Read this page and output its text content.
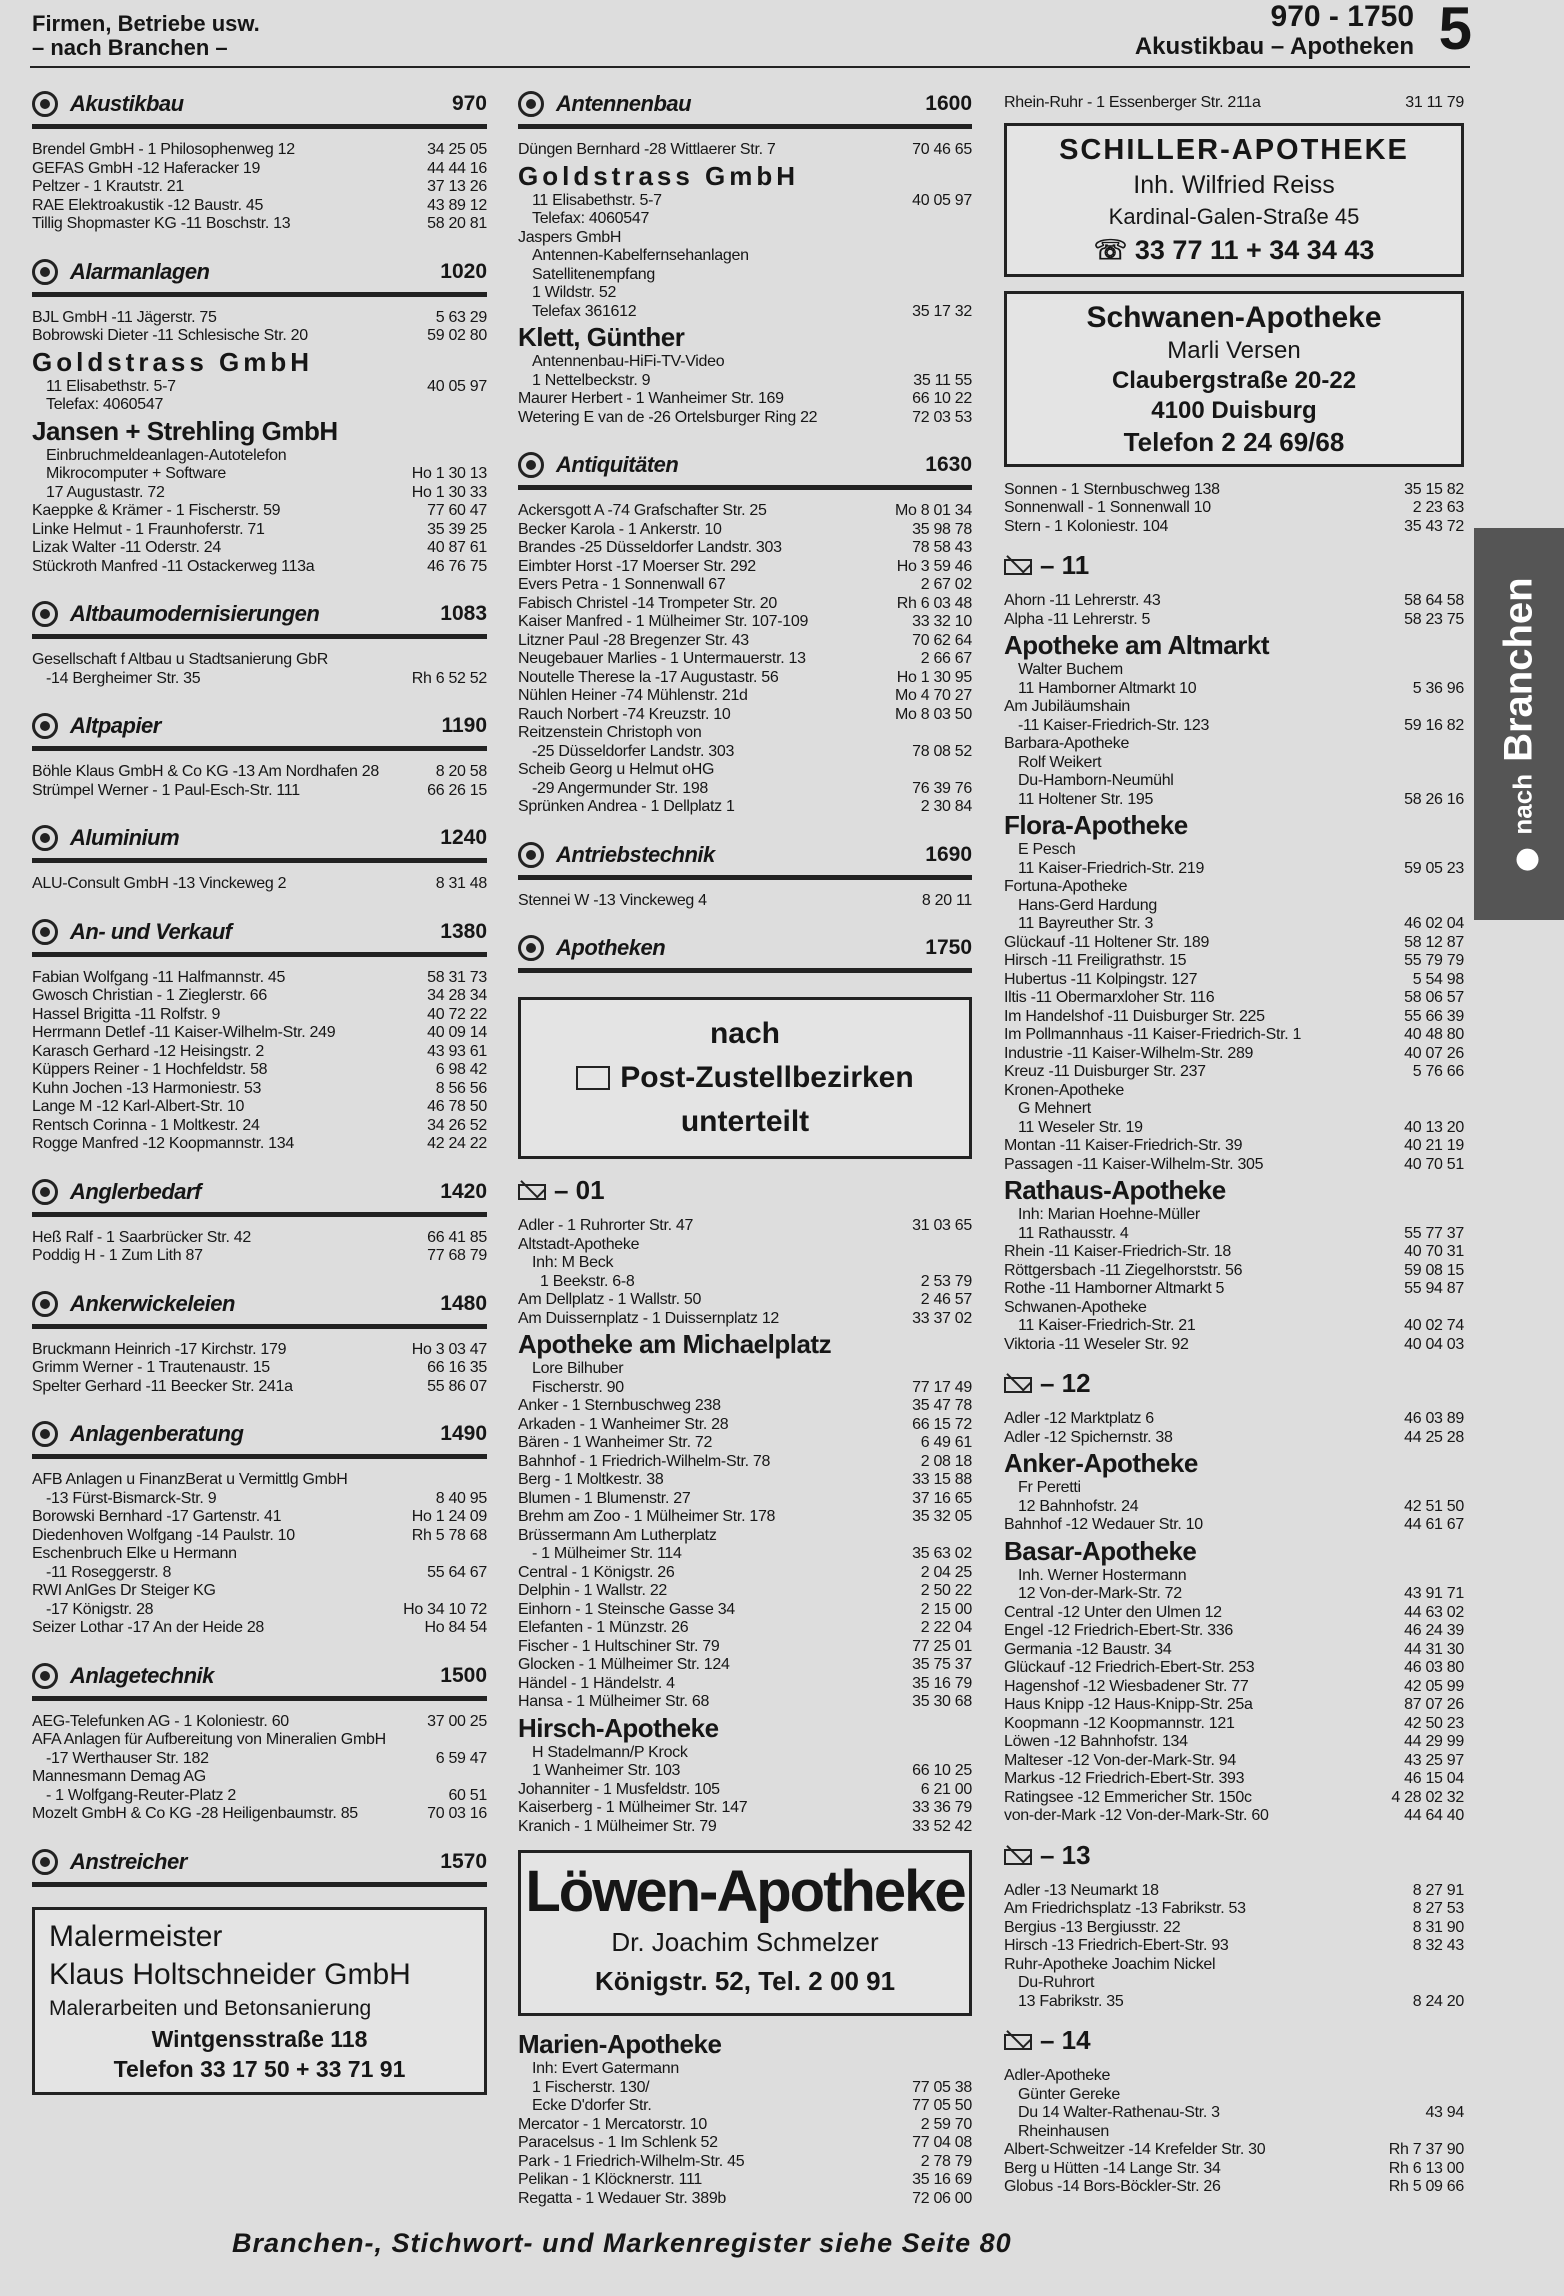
Firmen, Betriebe usw.
– nach Branchen –
970 - 1750
Akustikbau – Apotheken 5
Akustikbau	970
Brendel GmbH - 1 Philosophenweg 12	34 25 05
GEFAS GmbH -12 Haferacker 19	44 44 16
Peltzer - 1 Krautstr. 21	37 13 26
RAE Elektroakustik -12 Baustr. 45	43 89 12
Tillig Shopmaster KG -11 Boschstr. 13	58 20 81
Alarmanlagen	1020
BJL GmbH -11 Jägerstr. 75	5 63 29
Bobrowski Dieter -11 Schlesische Str. 20	59 02 80
Goldstrass GmbH
11 Elisabethstr. 5-7	40 05 97
Telefax: 4060547
Jansen + Strehling GmbH
Einbruchmeldeanlagen-Autotelefon
Mikrocomputer + Software	Ho 1 30 13
17 Augustastr. 72	Ho 1 30 33
Kaeppke & Krämer - 1 Fischerstr. 59	77 60 47
Linke Helmut - 1 Fraunhoferstr. 71	35 39 25
Lizak Walter -11 Oderstr. 24	40 87 61
Stückroth Manfred -11 Ostackerweg 113a	46 76 75
Altbaumodernisierungen	1083
Gesellschaft f Altbau u Stadtsanierung GbR
-14 Bergheimer Str. 35	Rh 6 52 52
Altpapier	1190
Böhle Klaus GmbH & Co KG -13 Am Nordhafen 28	8 20 58
Strümpel Werner - 1 Paul-Esch-Str. 111	66 26 15
Aluminium	1240
ALU-Consult GmbH -13 Vinckeweg 2	8 31 48
An- und Verkauf	1380
Fabian Wolfgang -11 Halfmannstr. 45	58 31 73
Gwosch Christian - 1 Zieglerstr. 66	34 28 34
Hassel Brigitta -11 Rolfstr. 9	40 72 22
Herrmann Detlef -11 Kaiser-Wilhelm-Str. 249	40 09 14
Karasch Gerhard -12 Heisingstr. 2	43 93 61
Küppers Reiner - 1 Hochfeldstr. 58	6 98 42
Kuhn Jochen -13 Harmoniestr. 53	8 56 56
Lange M -12 Karl-Albert-Str. 10	46 78 50
Rentsch Corinna - 1 Moltkestr. 24	34 26 52
Rogge Manfred -12 Koopmannstr. 134	42 24 22
Anglerbedarf	1420
Heß Ralf - 1 Saarbrücker Str. 42	66 41 85
Poddig H - 1 Zum Lith 87	77 68 79
Ankerwickeleien	1480
Bruckmann Heinrich -17 Kirchstr. 179	Ho 3 03 47
Grimm Werner - 1 Trautenaustr. 15	66 16 35
Spelter Gerhard -11 Beecker Str. 241a	55 86 07
Anlagenberatung	1490
AFB Anlagen u FinanzBerat u Vermittlg GmbH
-13 Fürst-Bismarck-Str. 9	8 40 95
Borowski Bernhard -17 Gartenstr. 41	Ho 1 24 09
Diedenhoven Wolfgang -14 Paulstr. 10	Rh 5 78 68
Eschenbruch Elke u Hermann
-11 Roseggerstr. 8	55 64 67
RWI AnlGes Dr Steiger KG
-17 Königstr. 28	Ho 34 10 72
Seizer Lothar -17 An der Heide 28	Ho 84 54
Anlagetechnik	1500
AEG-Telefunken AG - 1 Koloniestr. 60	37 00 25
AFA Anlagen für Aufbereitung von Mineralien GmbH
-17 Werthauser Str. 182	6 59 47
Mannesmann Demag AG
- 1 Wolfgang-Reuter-Platz 2	60 51
Mozelt GmbH & Co KG -28 Heiligenbaumstr. 85	70 03 16
Anstreicher	1570
Malermeister
Klaus Holtschneider GmbH
Malerarbeiten und Betonsanierung
Wintgensstraße 118
Telefon 33 17 50 + 33 71 91
Antennenbau	1600
Düngen Bernhard -28 Wittlaerer Str. 7	70 46 65
Goldstrass GmbH
11 Elisabethstr. 5-7	40 05 97
Telefax: 4060547
Jaspers GmbH
Antennen-Kabelfernsehanlagen
Satellitenempfang
1 Wildstr. 52
Telefax 361612	35 17 32
Klett, Günther
Antennenbau-HiFi-TV-Video
1 Nettelbeckstr. 9	35 11 55
Maurer Herbert - 1 Wanheimer Str. 169	66 10 22
Wetering E van de -26 Ortelsburger Ring 22	72 03 53
Antiquitäten	1630
Ackersgott A -74 Grafschafter Str. 25	Mo 8 01 34
Becker Karola - 1 Ankerstr. 10	35 98 78
Brandes -25 Düsseldorfer Landstr. 303	78 58 43
Eimbter Horst -17 Moerser Str. 292	Ho 3 59 46
Evers Petra - 1 Sonnenwall 67	2 67 02
Fabisch Christel -14 Trompeter Str. 20	Rh 6 03 48
Kaiser Manfred - 1 Mülheimer Str. 107-109	33 32 10
Litzner Paul -28 Bregenzer Str. 43	70 62 64
Neugebauer Marlies - 1 Untermauerstr. 13	2 66 67
Noutelle Therese la -17 Augustastr. 56	Ho 1 30 95
Nühlen Heiner -74 Mühlenstr. 21d	Mo 4 70 27
Rauch Norbert -74 Kreuzstr. 10	Mo 8 03 50
Reitzenstein Christoph von
-25 Düsseldorfer Landstr. 303	78 08 52
Scheib Georg u Helmut oHG
-29 Angermunder Str. 198	76 39 76
Sprünken Andrea - 1 Dellplatz 1	2 30 84
Antriebstechnik	1690
Stennei W -13 Vinckeweg 4	8 20 11
Apotheken	1750
nach
Post-Zustellbezirken
unterteilt
– 01
Adler - 1 Ruhrorter Str. 47	31 03 65
Altstadt-Apotheke
Inh: M Beck
1 Beekstr. 6-8	2 53 79
Am Dellplatz - 1 Wallstr. 50	2 46 57
Am Duissernplatz - 1 Duissernplatz 12	33 37 02
Apotheke am Michaelplatz
Lore Bilhuber
Fischerstr. 90	77 17 49
Anker - 1 Sternbuschweg 238	35 47 78
Arkaden - 1 Wanheimer Str. 28	66 15 72
Bären - 1 Wanheimer Str. 72	6 49 61
Bahnhof - 1 Friedrich-Wilhelm-Str. 78	2 08 18
Berg - 1 Moltkestr. 38	33 15 88
Blumen - 1 Blumenstr. 27	37 16 65
Brehm am Zoo - 1 Mülheimer Str. 178	35 32 05
Brüssermann Am Lutherplatz
- 1 Mülheimer Str. 114	35 63 02
Central - 1 Königstr. 26	2 04 25
Delphin - 1 Wallstr. 22	2 50 22
Einhorn - 1 Steinsche Gasse 34	2 15 00
Elefanten - 1 Münzstr. 26	2 22 04
Fischer - 1 Hultschiner Str. 79	77 25 01
Glocken - 1 Mülheimer Str. 124	35 75 37
Händel - 1 Händelstr. 4	35 16 79
Hansa - 1 Mülheimer Str. 68	35 30 68
Hirsch-Apotheke
H Stadelmann/P Krock
1 Wanheimer Str. 103	66 10 25
Johanniter - 1 Musfeldstr. 105	6 21 00
Kaiserberg - 1 Mülheimer Str. 147	33 36 79
Kranich - 1 Mülheimer Str. 79	33 52 42
Löwen-Apotheke
Dr. Joachim Schmelzer
Königstr. 52, Tel. 2 00 91
Marien-Apotheke
Inh: Evert Gatermann
1 Fischerstr. 130/	77 05 38
Ecke D'dorfer Str.	77 05 50
Mercator - 1 Mercatorstr. 10	2 59 70
Paracelsus - 1 Im Schlenk 52	77 04 08
Park - 1 Friedrich-Wilhelm-Str. 45	2 78 79
Pelikan - 1 Klöcknerstr. 111	35 16 69
Regatta - 1 Wedauer Str. 389b	72 06 00
Rhein-Ruhr - 1 Essenberger Str. 211a	31 11 79
SCHILLER-APOTHEKE
Inh. Wilfried Reiss
Kardinal-Galen-Straße 45
☏ 33 77 11 + 34 34 43
Schwanen-Apotheke
Marli Versen
Claubergstraße 20-22
4100 Duisburg
Telefon 2 24 69/68
Sonnen - 1 Sternbuschweg 138	35 15 82
Sonnenwall - 1 Sonnenwall 10	2 23 63
Stern - 1 Koloniestr. 104	35 43 72
– 11
Ahorn -11 Lehrerstr. 43	58 64 58
Alpha -11 Lehrerstr. 5	58 23 75
Apotheke am Altmarkt
Walter Buchem
11 Hamborner Altmarkt 10	5 36 96
Am Jubiläumshain
-11 Kaiser-Friedrich-Str. 123	59 16 82
Barbara-Apotheke
Rolf Weikert
Du-Hamborn-Neumühl
11 Holtener Str. 195	58 26 16
Flora-Apotheke
E Pesch
11 Kaiser-Friedrich-Str. 219	59 05 23
Fortuna-Apotheke
Hans-Gerd Hardung
11 Bayreuther Str. 3	46 02 04
Glückauf -11 Holtener Str. 189	58 12 87
Hirsch -11 Freiligrathstr. 15	55 79 79
Hubertus -11 Kolpingstr. 127	5 54 98
Iltis -11 Obermarxloher Str. 116	58 06 57
Im Handelshof -11 Duisburger Str. 225	55 66 39
Im Pollmannhaus -11 Kaiser-Friedrich-Str. 1	40 48 80
Industrie -11 Kaiser-Wilhelm-Str. 289	40 07 26
Kreuz -11 Duisburger Str. 237	5 76 66
Kronen-Apotheke
G Mehnert
11 Weseler Str. 19	40 13 20
Montan -11 Kaiser-Friedrich-Str. 39	40 21 19
Passagen -11 Kaiser-Wilhelm-Str. 305	40 70 51
Rathaus-Apotheke
Inh: Marian Hoehne-Müller
11 Rathausstr. 4	55 77 37
Rhein -11 Kaiser-Friedrich-Str. 18	40 70 31
Röttgersbach -11 Ziegelhorststr. 56	59 08 15
Rothe -11 Hamborner Altmarkt 5	55 94 87
Schwanen-Apotheke
11 Kaiser-Friedrich-Str. 21	40 02 74
Viktoria -11 Weseler Str. 92	40 04 03
– 12
Adler -12 Marktplatz 6	46 03 89
Adler -12 Spichernstr. 38	44 25 28
Anker-Apotheke
Fr Peretti
12 Bahnhofstr. 24	42 51 50
Bahnhof -12 Wedauer Str. 10	44 61 67
Basar-Apotheke
Inh. Werner Hostermann
12 Von-der-Mark-Str. 72	43 91 71
Central -12 Unter den Ulmen 12	44 63 02
Engel -12 Friedrich-Ebert-Str. 336	46 24 39
Germania -12 Baustr. 34	44 31 30
Glückauf -12 Friedrich-Ebert-Str. 253	46 03 80
Hagenshof -12 Wiesbadener Str. 77	42 05 99
Haus Knipp -12 Haus-Knipp-Str. 25a	87 07 26
Koopmann -12 Koopmannstr. 121	42 50 23
Löwen -12 Bahnhofstr. 134	44 29 99
Malteser -12 Von-der-Mark-Str. 94	43 25 97
Markus -12 Friedrich-Ebert-Str. 393	46 15 04
Ratingsee -12 Emmericher Str. 150c	4 28 02 32
von-der-Mark -12 Von-der-Mark-Str. 60	44 64 40
– 13
Adler -13 Neumarkt 18	8 27 91
Am Friedrichsplatz -13 Fabrikstr. 53	8 27 53
Bergius -13 Bergiusstr. 22	8 31 90
Hirsch -13 Friedrich-Ebert-Str. 93	8 32 43
Ruhr-Apotheke Joachim Nickel
Du-Ruhrort
13 Fabrikstr. 35	8 24 20
– 14
Adler-Apotheke
Günter Gereke
Du 14 Walter-Rathenau-Str. 3	43 94
Rheinhausen
Albert-Schweitzer -14 Krefelder Str. 30	Rh 7 37 90
Berg u Hütten -14 Lange Str. 34	Rh 6 13 00
Globus -14 Bors-Böckler-Str. 26	Rh 5 09 66
nachBranchen
Branchen-, Stichwort- und Markenregister siehe Seite 80
